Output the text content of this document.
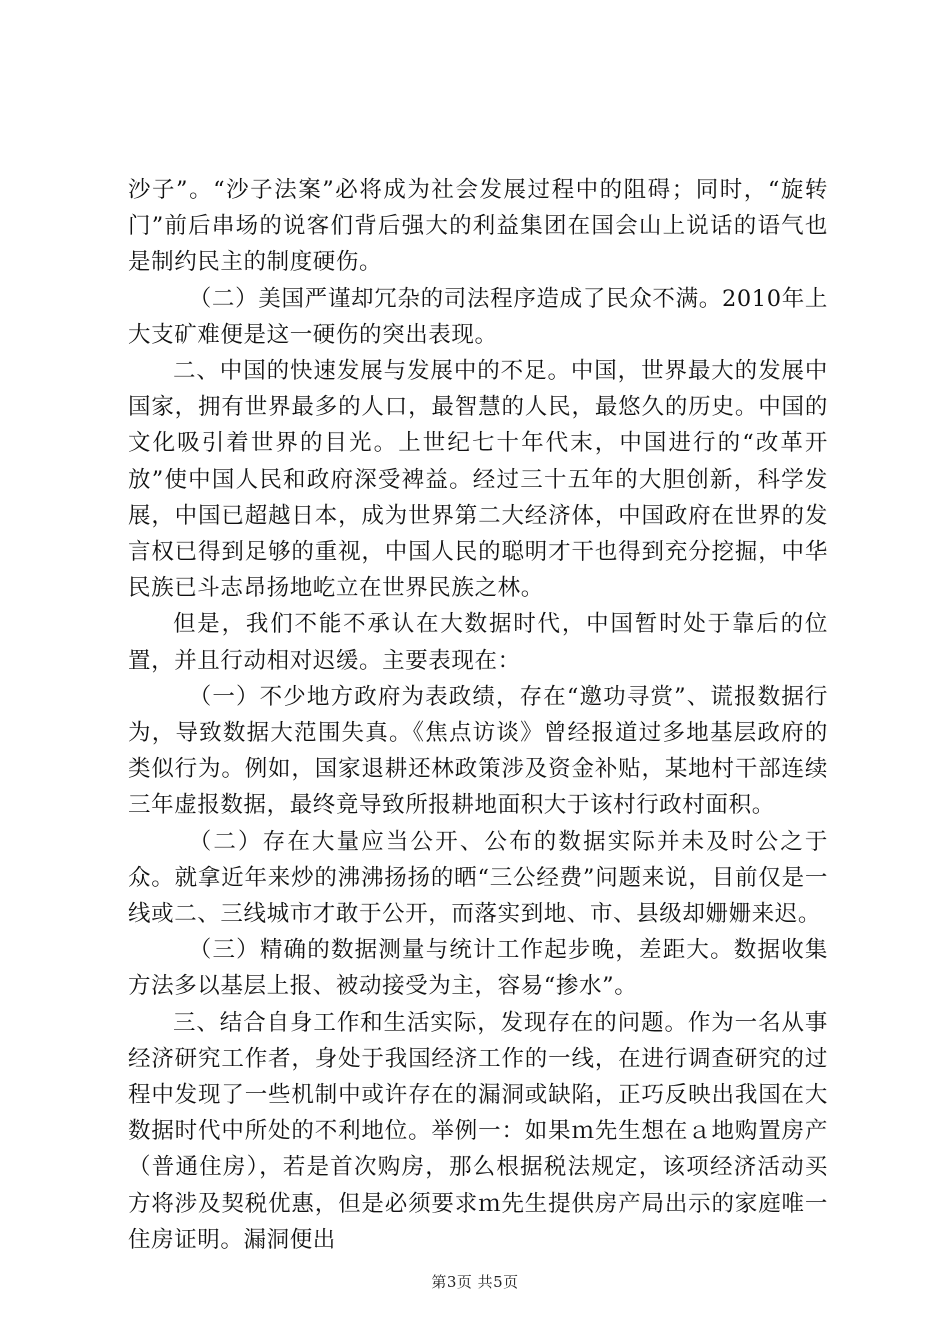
沙子”。“沙子法案”必将成为社会发展过程中的阻碍；同时，“旋转门”前后串场的说客们背后强大的利益集团在国会山上说话的语气也是制约民主的制度硬伤。

（二）美国严谨却冗杂的司法程序造成了民众不满。2010年上大支矿难便是这一硬伤的突出表现。

二、中国的快速发展与发展中的不足。中国，世界最大的发展中国家，拥有世界最多的人口，最智慧的人民，最悠久的历史。中国的文化吸引着世界的目光。上世纪七十年代末，中国进行的“改革开放”使中国人民和政府深受裨益。经过三十五年的大胆创新，科学发展，中国已超越日本，成为世界第二大经济体，中国政府在世界的发言权已得到足够的重视，中国人民的聪明才干也得到充分挖掘，中华民族已斗志昂扬地屹立在世界民族之林。

但是，我们不能不承认在大数据时代，中国暂时处于靠后的位置，并且行动相对迟缓。主要表现在：

（一）不少地方政府为表政绩，存在“邀功寻赏”、谎报数据行为，导致数据大范围失真。《焦点访谈》曾经报道过多地基层政府的类似行为。例如，国家退耕还林政策涉及资金补贴，某地村干部连续三年虚报数据，最终竟导致所报耕地面积大于该村行政村面积。

（二）存在大量应当公开、公布的数据实际并未及时公之于众。就拿近年来炒的沸沸扬扬的晒“三公经费”问题来说，目前仅是一线或二、三线城市才敢于公开，而落实到地、市、县级却姗姗来迟。

（三）精确的数据测量与统计工作起步晚，差距大。数据收集方法多以基层上报、被动接受为主，容易“掺水”。

三、结合自身工作和生活实际，发现存在的问题。作为一名从事经济研究工作者，身处于我国经济工作的一线，在进行调查研究的过程中发现了一些机制中或许存在的漏洞或缺陷，正巧反映出我国在大数据时代中所处的不利地位。举例一：如果ｍ先生想在ａ地购置房产（普通住房），若是首次购房，那么根据税法规定，该项经济活动买方将涉及契税优惠，但是必须要求ｍ先生提供房产局出示的家庭唯一住房证明。漏洞便出

第3页 共5页
